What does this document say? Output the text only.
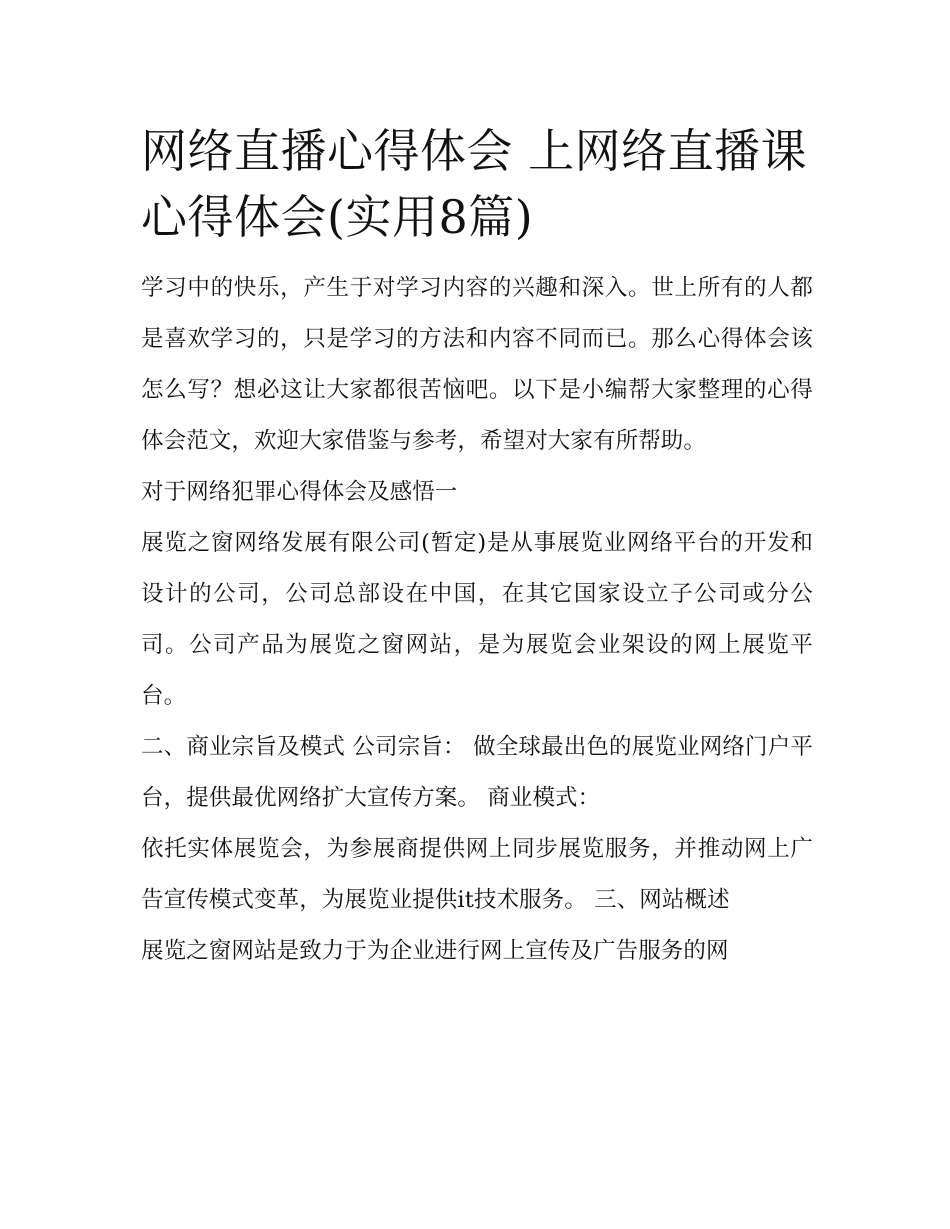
网络直播心得体会 上网络直播课心得体会(实用8篇)

学习中的快乐，产生于对学习内容的兴趣和深入。世上所有的人都是喜欢学习的，只是学习的方法和内容不同而已。那么心得体会该怎么写？想必这让大家都很苦恼吧。以下是小编帮大家整理的心得体会范文，欢迎大家借鉴与参考，希望对大家有所帮助。

对于网络犯罪心得体会及感悟一

展览之窗网络发展有限公司(暂定)是从事展览业网络平台的开发和设计的公司，公司总部设在中国，在其它国家设立子公司或分公司。公司产品为展览之窗网站，是为展览会业架设的网上展览平台。

二、商业宗旨及模式 公司宗旨： 做全球最出色的展览业网络门户平台，提供最优网络扩大宣传方案。 商业模式：

依托实体展览会，为参展商提供网上同步展览服务，并推动网上广告宣传模式变革，为展览业提供it技术服务。 三、网站概述

展览之窗网站是致力于为企业进行网上宣传及广告服务的网
